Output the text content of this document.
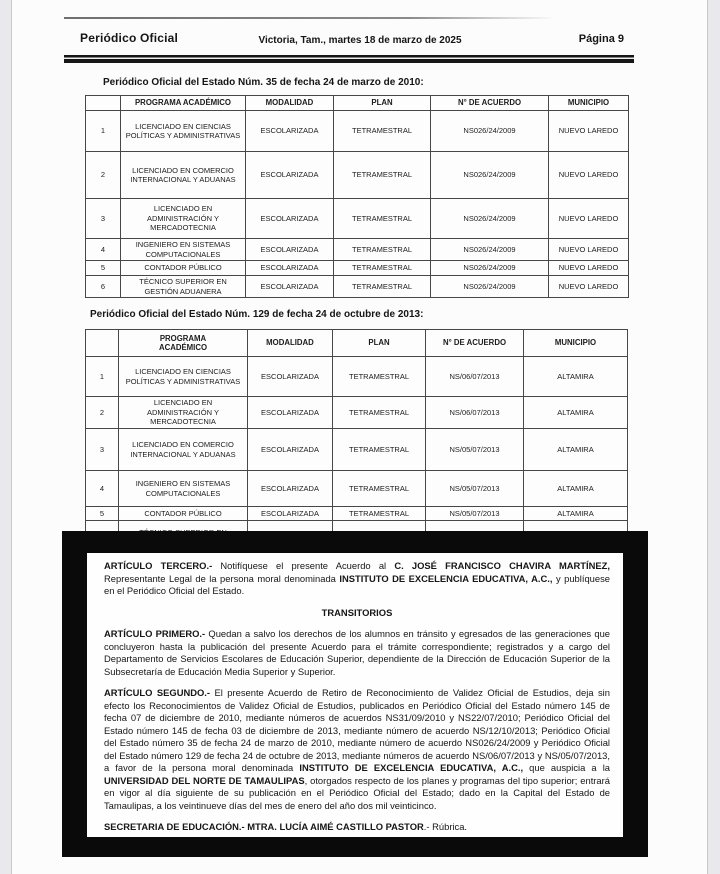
Periódico Oficial	Victoria, Tam., martes 18 de marzo de 2025	Página 9
Periódico Oficial del Estado Núm. 35 de fecha 24 de marzo de 2010:
	PROGRAMA ACADÉMICO	MODALIDAD	PLAN	N° DE ACUERDO	MUNICIPIO
1	LICENCIADO EN CIENCIAS POLÍTICAS Y ADMINISTRATIVAS	ESCOLARIZADA	TETRAMESTRAL	NS026/24/2009	NUEVO LAREDO
2	LICENCIADO EN COMERCIO INTERNACIONAL Y ADUANAS	ESCOLARIZADA	TETRAMESTRAL	NS026/24/2009	NUEVO LAREDO
3	LICENCIADO EN ADMINISTRACIÓN Y MERCADOTECNIA	ESCOLARIZADA	TETRAMESTRAL	NS026/24/2009	NUEVO LAREDO
4	INGENIERO EN SISTEMAS COMPUTACIONALES	ESCOLARIZADA	TETRAMESTRAL	NS026/24/2009	NUEVO LAREDO
5	CONTADOR PÚBLICO	ESCOLARIZADA	TETRAMESTRAL	NS026/24/2009	NUEVO LAREDO
6	TÉCNICO SUPERIOR EN GESTIÓN ADUANERA	ESCOLARIZADA	TETRAMESTRAL	NS026/24/2009	NUEVO LAREDO
Periódico Oficial del Estado Núm. 129 de fecha 24 de octubre de 2013:
	PROGRAMA ACADÉMICO	MODALIDAD	PLAN	N° DE ACUERDO	MUNICIPIO
1	LICENCIADO EN CIENCIAS POLÍTICAS Y ADMINISTRATIVAS	ESCOLARIZADA	TETRAMESTRAL	NS/06/07/2013	ALTAMIRA
2	LICENCIADO EN ADMINISTRACIÓN Y MERCADOTECNIA	ESCOLARIZADA	TETRAMESTRAL	NS/06/07/2013	ALTAMIRA
3	LICENCIADO EN COMERCIO INTERNACIONAL Y ADUANAS	ESCOLARIZADA	TETRAMESTRAL	NS/05/07/2013	ALTAMIRA
4	INGENIERO EN SISTEMAS COMPUTACIONALES	ESCOLARIZADA	TETRAMESTRAL	NS/05/07/2013	ALTAMIRA
5	CONTADOR PÚBLICO	ESCOLARIZADA	TETRAMESTRAL	NS/05/07/2013	ALTAMIRA

ARTÍCULO TERCERO.- Notifíquese el presente Acuerdo al C. JOSÉ FRANCISCO CHAVIRA MARTÍNEZ, Representante Legal de la persona moral denominada INSTITUTO DE EXCELENCIA EDUCATIVA, A.C., y publíquese en el Periódico Oficial del Estado.

TRANSITORIOS

ARTÍCULO PRIMERO.- Quedan a salvo los derechos de los alumnos en tránsito y egresados de las generaciones que concluyeron hasta la publicación del presente Acuerdo para el trámite correspondiente; registrados y a cargo del Departamento de Servicios Escolares de Educación Superior, dependiente de la Dirección de Educación Superior de la Subsecretaría de Educación Media Superior y Superior.

ARTÍCULO SEGUNDO.- El presente Acuerdo de Retiro de Reconocimiento de Validez Oficial de Estudios, deja sin efecto los Reconocimientos de Validez Oficial de Estudios, publicados en Periódico Oficial del Estado número 145 de fecha 07 de diciembre de 2010, mediante números de acuerdos NS31/09/2010 y NS22/07/2010; Periódico Oficial del Estado número 145 de fecha 03 de diciembre de 2013, mediante número de acuerdo NS/12/10/2013; Periódico Oficial del Estado número 35 de fecha 24 de marzo de 2010, mediante número de acuerdo NS026/24/2009 y Periódico Oficial del Estado número 129 de fecha 24 de octubre de 2013, mediante números de acuerdo NS/06/07/2013 y NS/05/07/2013, a favor de la persona moral denominada INSTITUTO DE EXCELENCIA EDUCATIVA, A.C., que auspicia a la UNIVERSIDAD DEL NORTE DE TAMAULIPAS, otorgados respecto de los planes y programas del tipo superior; entrará en vigor al día siguiente de su publicación en el Periódico Oficial del Estado; dado en la Capital del Estado de Tamaulipas, a los veintinueve días del mes de enero del año dos mil veinticinco.

SECRETARIA DE EDUCACIÓN.- MTRA. LUCÍA AIMÉ CASTILLO PASTOR.- Rúbrica.
